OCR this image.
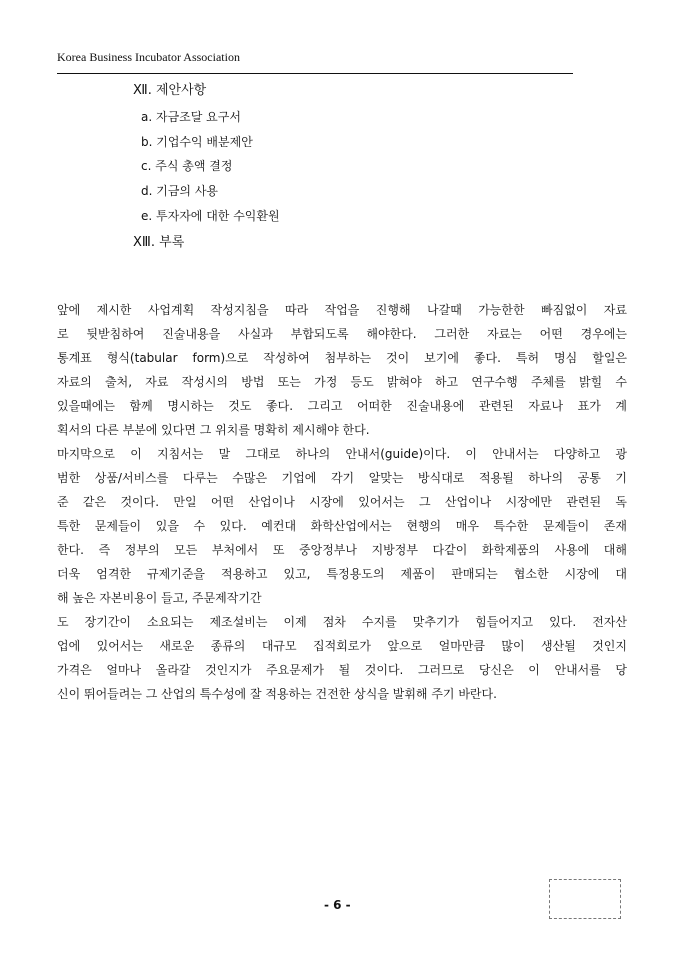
Korea Business Incubator Association
Ⅻ. 제안사항
a. 자금조달 요구서
b. 기업수익 배분제안
c. 주식 총액 결정
d. 기금의 사용
e. 투자자에 대한 수익환원
ⅩⅢ. 부록
앞에 제시한 사업계획 작성지침을 따라 작업을 진행해 나갈때 가능한한 빠짐없이 자료
로 뒷받침하여 진술내용을 사실과 부합되도록 해야한다. 그러한 자료는 어떤 경우에는
통계표 형식(tabular form)으로 작성하여 첨부하는 것이 보기에 좋다. 특허 명심 할일은
자료의 출처, 자료 작성시의 방법 또는 가정 등도 밝혀야 하고 연구수행 주체를 밝힐 수
있을때에는 함께 명시하는 것도 좋다. 그리고 어떠한 진술내용에 관련된 자료나 표가 계
획서의 다른 부분에 있다면 그 위치를 명확히 제시해야 한다.
마지막으로 이 지침서는 말 그대로 하나의 안내서(guide)이다. 이 안내서는 다양하고 광
범한 상품/서비스를 다루는 수많은 기업에 각기 알맞는 방식대로 적용될 하나의 공통 기
준 같은 것이다. 만일 어떤 산업이나 시장에 있어서는 그 산업이나 시장에만 관련된 독
특한 문제들이 있을 수 있다. 예컨대 화학산업에서는 현행의 매우 특수한 문제들이 존재
한다. 즉 정부의 모든 부처에서 또 중앙정부나 지방정부 다같이 화학제품의 사용에 대해
더욱 엄격한 규제기준을 적용하고 있고, 특정용도의 제품이 판매되는 협소한 시장에 대
해 높은 자본비용이 들고, 주문제작기간
도 장기간이 소요되는 제조설비는 이제 점차 수지를 맞추기가 힘들어지고 있다. 전자산
업에 있어서는 새로운 종류의 대규모 집적회로가 앞으로 얼마만큼 많이 생산될 것인지
가격은 얼마나 올라갈 것인지가 주요문제가 될 것이다. 그러므로 당신은 이 안내서를 당
신이 뛰어들려는 그 산업의 특수성에 잘 적용하는 건전한 상식을 발휘해 주기 바란다.
- 6 -
